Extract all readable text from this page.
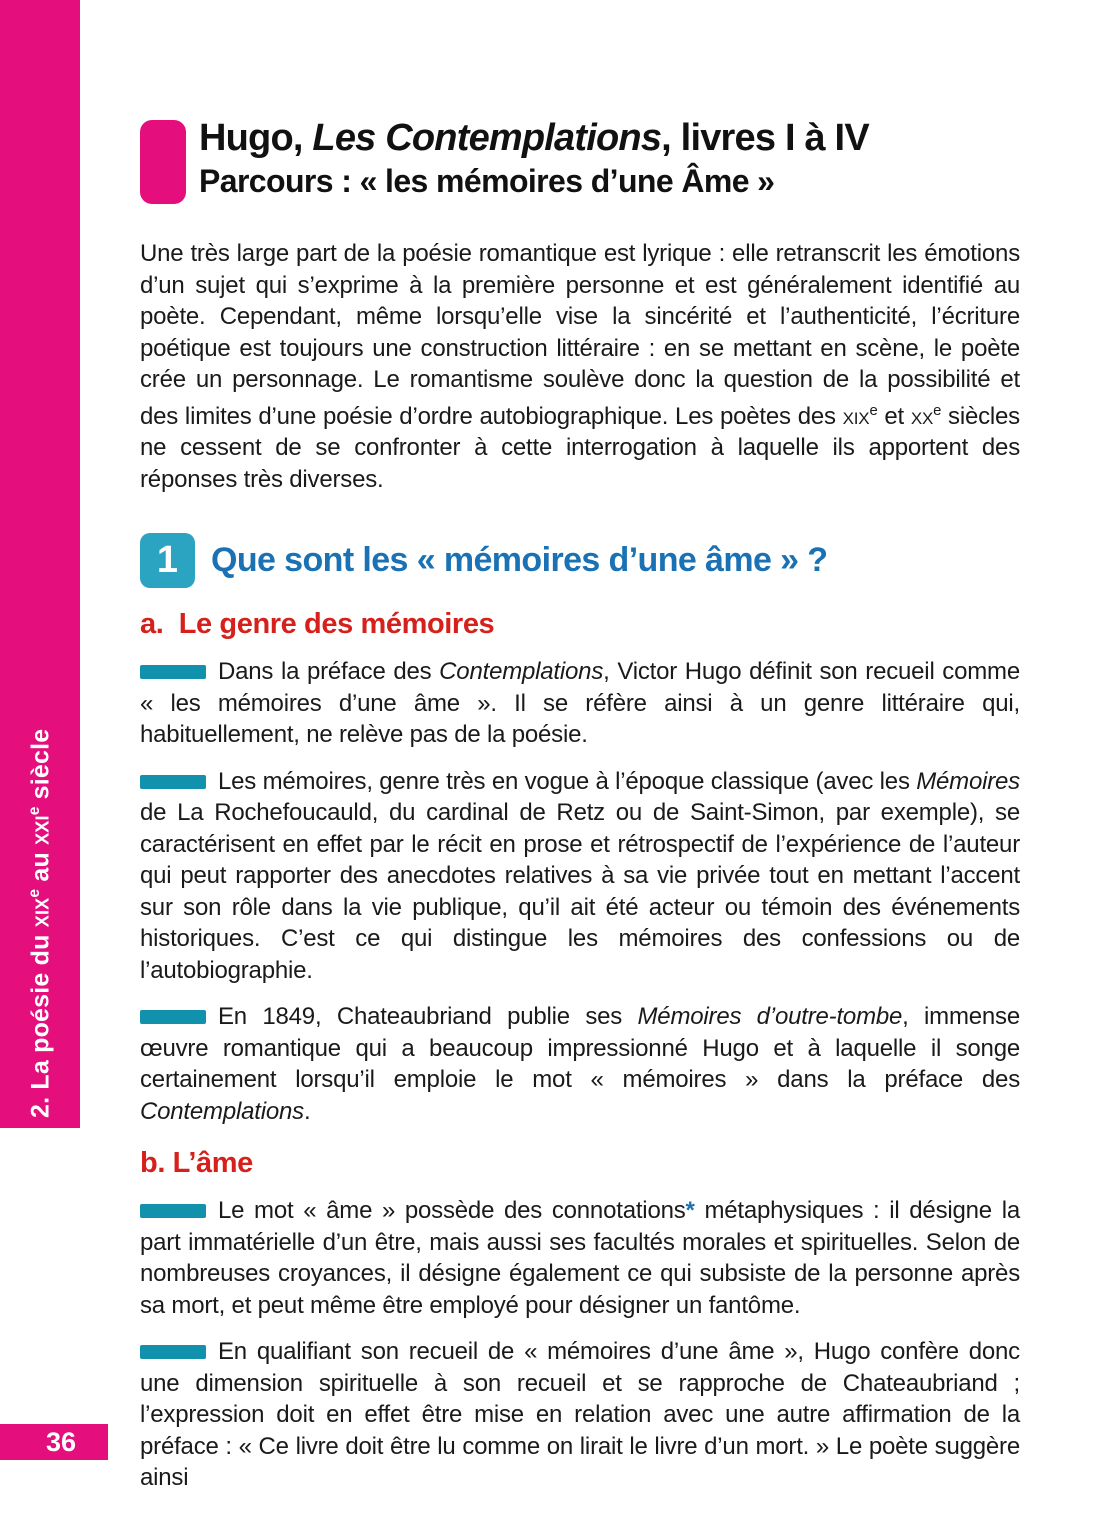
2. La poésie du xix$^e$ au xxi$^e$ siècle
36
Hugo, Les Contemplations, livres I à IV
Parcours : « les mémoires d’une Âme »

Une très large part de la poésie romantique est lyrique : elle retranscrit les émotions d’un sujet qui s’exprime à la première personne et est généralement identifié au poète. Cependant, même lorsqu’elle vise la sincérité et l’authenticité, l’écriture poétique est toujours une construction littéraire : en se mettant en scène, le poète crée un personnage. Le romantisme soulève donc la question de la possibilité et des limites d’une poésie d’ordre autobiographique. Les poètes des xix$^e$ et $xx^e$ siècles ne cessent de se confronter à cette interrogation à laquelle ils apportent des réponses très diverses.

1 Que sont les « mémoires d’une âme » ?
a.  Le genre des mémoires

Dans la préface des Contemplations, Victor Hugo définit son recueil comme « les mémoires d’une âme ». Il se réfère ainsi à un genre littéraire qui, habituellement, ne relève pas de la poésie.

Les mémoires, genre très en vogue à l’époque classique (avec les Mémoires de La Rochefoucauld, du cardinal de Retz ou de Saint-Simon, par exemple), se caractérisent en effet par le récit en prose et rétrospectif de l’expérience de l’auteur qui peut rapporter des anecdotes relatives à sa vie privée tout en mettant l’accent sur son rôle dans la vie publique, qu’il ait été acteur ou témoin des événements historiques. C’est ce qui distingue les mémoires des confessions ou de l’autobiographie.

En 1849, Chateaubriand publie ses Mémoires d’outre-tombe, immense œuvre romantique qui a beaucoup impressionné Hugo et à laquelle il songe certainement lorsqu’il emploie le mot « mémoires » dans la préface des Contemplations.

b. L’âme

Le mot « âme » possède des connotations* métaphysiques : il désigne la part immatérielle d’un être, mais aussi ses facultés morales et spirituelles. Selon de nombreuses croyances, il désigne également ce qui subsiste de la personne après sa mort, et peut même être employé pour désigner un fantôme.

En qualifiant son recueil de « mémoires d’une âme », Hugo confère donc une dimension spirituelle à son recueil et se rapproche de Chateaubriand ; l’expression doit en effet être mise en relation avec une autre affirmation de la préface : « Ce livre doit être lu comme on lirait le livre d’un mort. » Le poète suggère ainsi
